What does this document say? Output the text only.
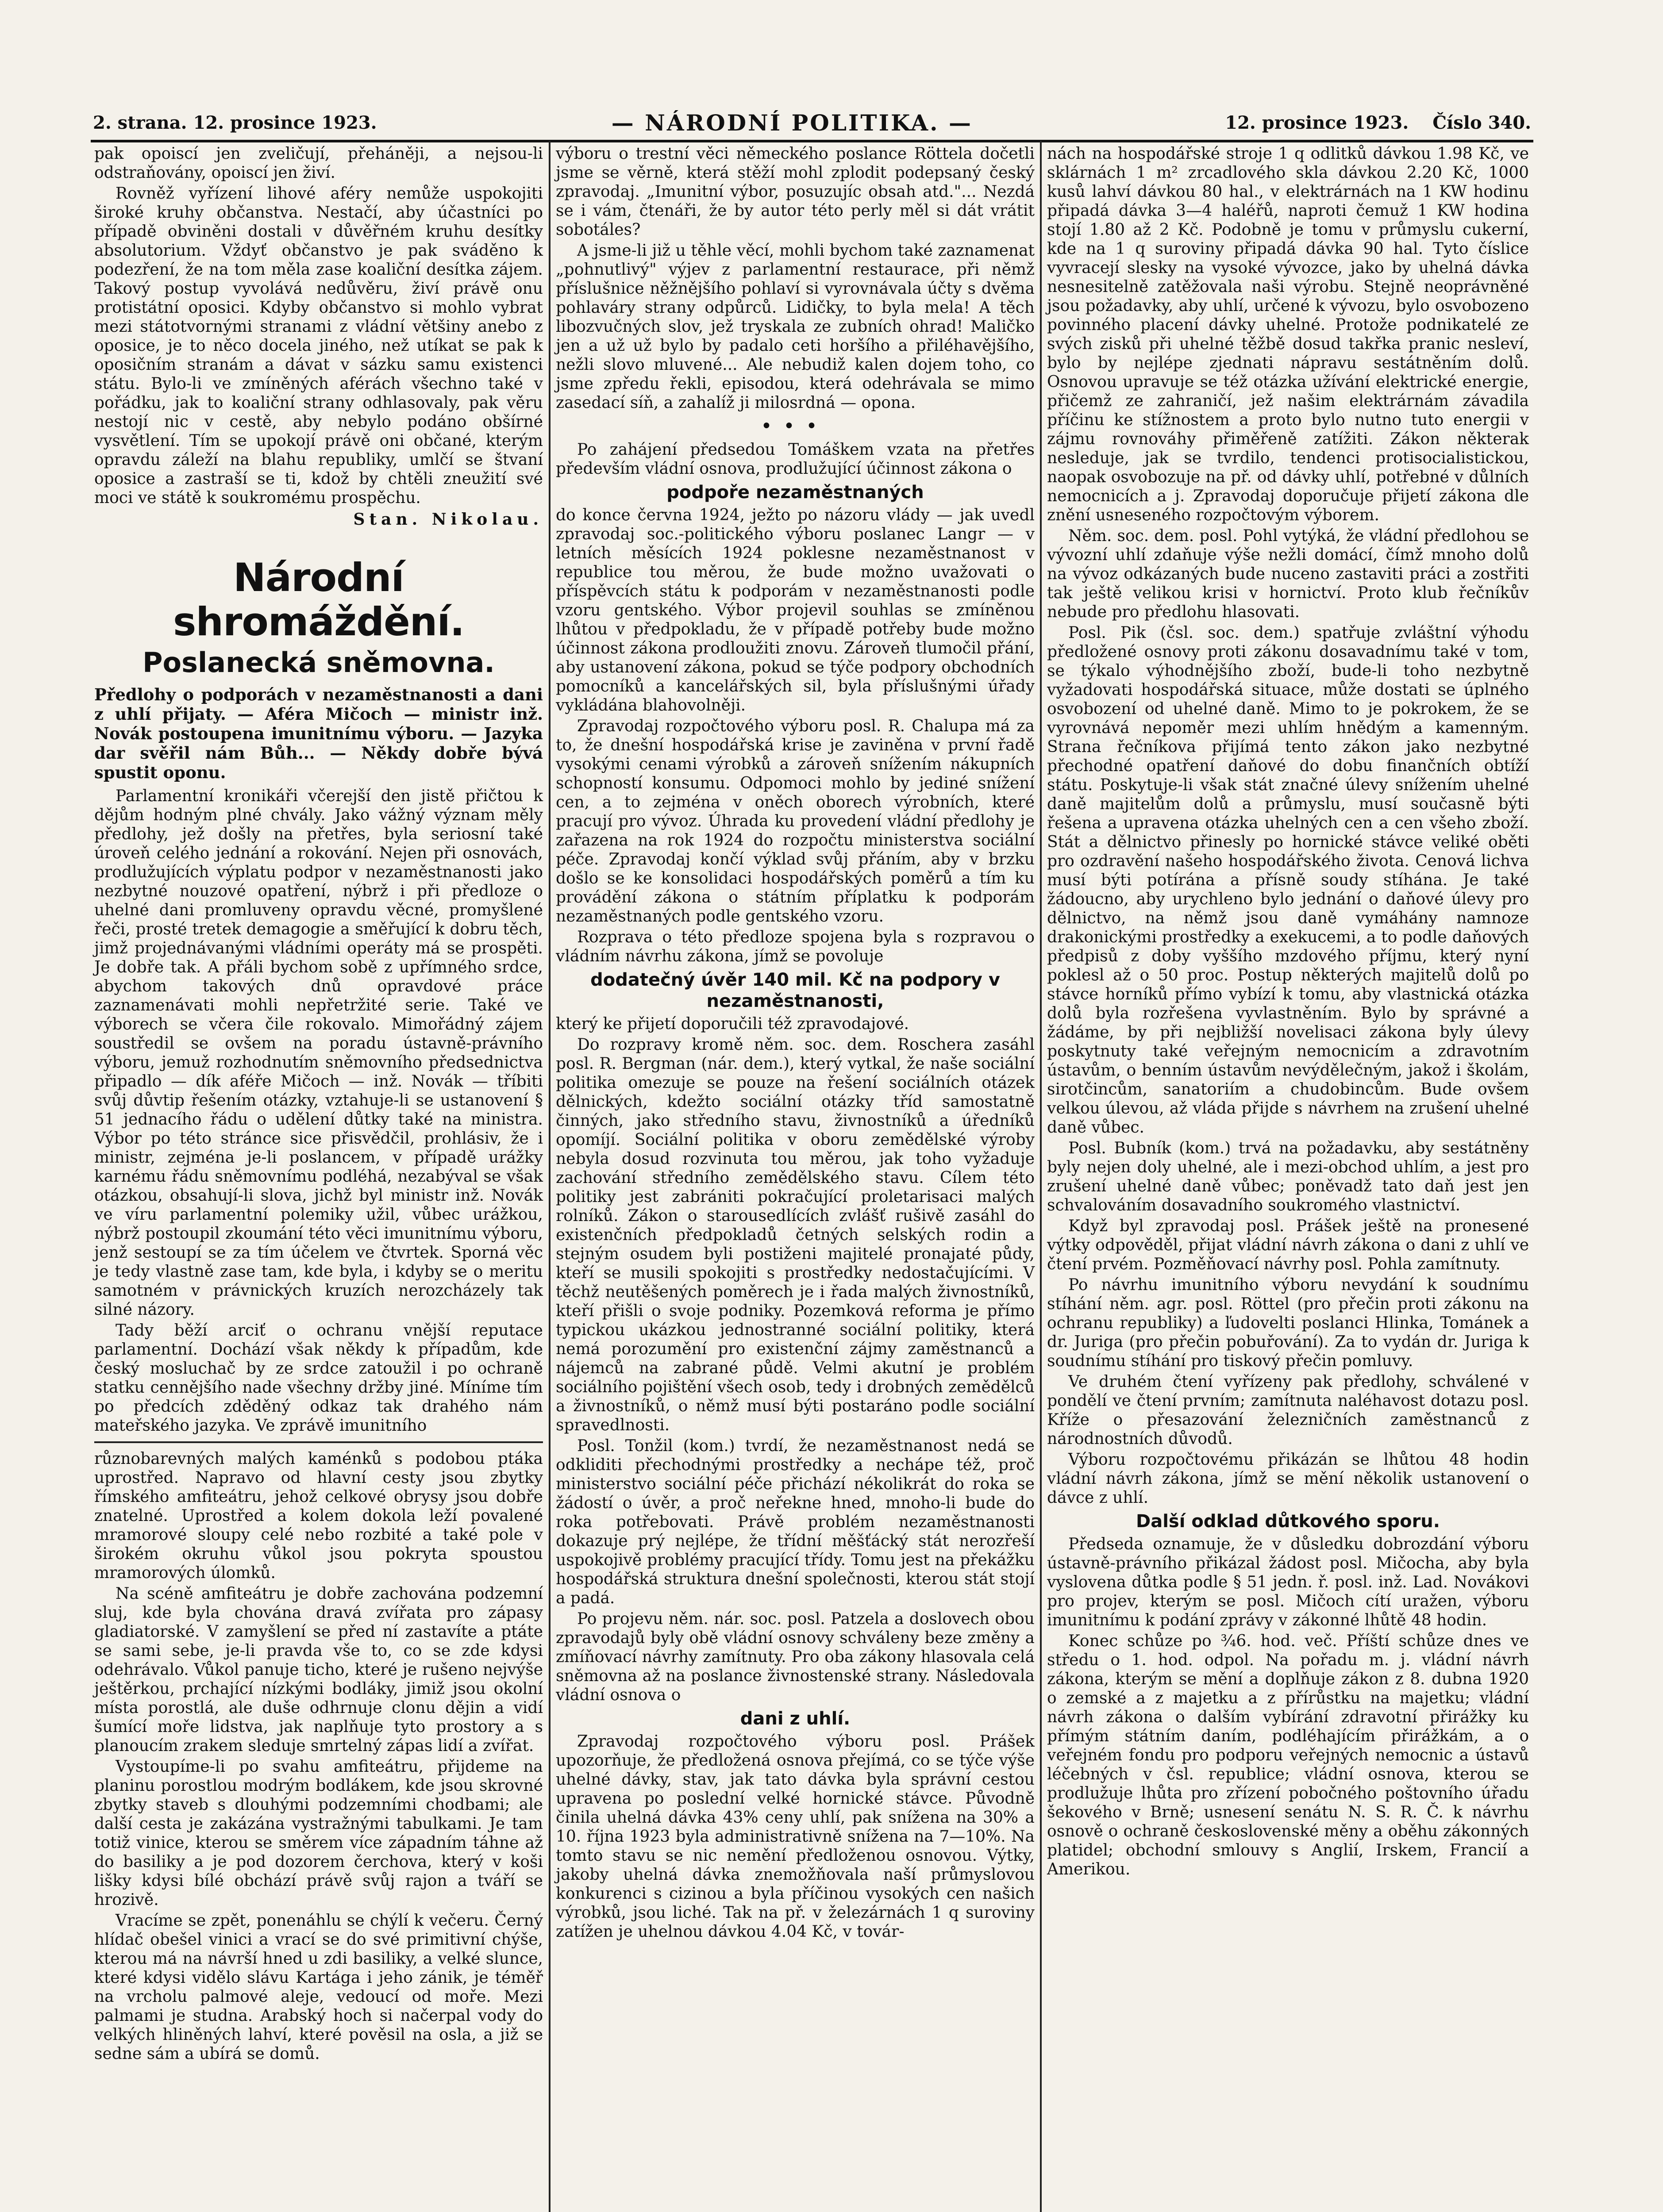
2. strana. 12. prosince 1923.	— NÁRODNÍ POLITIKA. —	12. prosince 1923. Číslo 340.

pak opoiscí jen zveličují, přeháněji, a nejsou-li odstraňovány, opoiscí jen živí.

Rovněž vyřízení lihové aféry nemůže uspokojiti široké kruhy občanstva. Nestačí, aby účastníci po případě obviněni dostali v důvěřném kruhu desítky absolutorium. Vždyť občanstvo je pak sváděno k podezření, že na tom měla zase koaliční desítka zájem. Takový postup vyvolává nedůvěru, živí právě onu protistátní oposici. Kdyby občanstvo si mohlo vybrat mezi státotvornými stranami z vládní většiny anebo z oposice, je to něco docela jiného, než utíkat se pak k oposičním stranám a dávat v sázku samu existenci státu. Bylo-li ve zmíněných aférách všechno také v pořádku, jak to koaliční strany odhlasovaly, pak věru nestojí nic v cestě, aby nebylo podáno obšírné vysvětlení. Tím se upokojí právě oni občané, kterým opravdu záleží na blahu republiky, umlčí se štvaní oposice a zastraší se ti, kdož by chtěli zneužití své moci ve státě k soukromému prospěchu.

Stan. Nikolau.
Národní shromáždění.
Poslanecká sněmovna.
Předlohy o podporách v nezaměstnanosti a dani z uhlí přijaty. — Aféra Mičoch — ministr inž. Novák postoupena imunitnímu výboru. — Jazyka dar svěřil nám Bůh... — Někdy dobře bývá spustit oponu.

Parlamentní kronikáři včerejší den jistě přičtou k dějům hodným plné chvály. Jako vážný význam měly předlohy, jež došly na přetřes, byla seriosní také úroveň celého jednání a rokování. Nejen při osnovách, prodlužujících výplatu podpor v nezaměstnanosti jako nezbytné nouzové opatření, nýbrž i při předloze o uhelné dani promluveny opravdu věcné, promyšlené řeči, prosté tretek demagogie a směřující k dobru těch, jimž projednávanými vládními operáty má se prospěti. Je dobře tak. A přáli bychom sobě z upřímného srdce, abychom takových dnů opravdové práce zaznamenávati mohli nepřetržité serie. Také ve výborech se včera čile rokovalo. Mimořádný zájem soustředil se ovšem na poradu ústavně-právního výboru, jemuž rozhodnutím sněmovního předsednictva připadlo — dík aféře Mičoch — inž. Novák — tříbiti svůj důvtip řešením otázky, vztahuje-li se ustanovení § 51 jednacího řádu o udělení důtky také na ministra. Výbor po této stránce sice přisvědčil, prohlásiv, že i ministr, zejména je-li poslancem, v případě urážky karnému řádu sněmovnímu podléhá, nezabýval se však otázkou, obsahují-li slova, jichž byl ministr inž. Novák ve víru parlamentní polemiky užil, vůbec urážkou, nýbrž postoupil zkoumání této věci imunitnímu výboru, jenž sestoupí se za tím účelem ve čtvrtek. Sporná věc je tedy vlastně zase tam, kde byla, i kdyby se o meritu samotném v právnických kruzích nerozcházely tak silné názory.

Tady běží arciť o ochranu vnější reputace parlamentní. Dochází však někdy k případům, kde český mosluchač by ze srdce zatoužil i po ochraně statku cennějšího nade všechny držby jiné. Míníme tím po předcích zděděný odkaz tak drahého nám mateřského jazyka. Ve zprávě imunitního

různobarevných malých kaménků s podobou ptáka uprostřed. Napravo od hlavní cesty jsou zbytky římského amfiteátru, jehož celkové obrysy jsou dobře znatelné. Uprostřed a kolem dokola leží povalené mramorové sloupy celé nebo rozbité a také pole v širokém okruhu vůkol jsou pokryta spoustou mramorových úlomků.

Na scéně amfiteátru je dobře zachována podzemní sluj, kde byla chována dravá zvířata pro zápasy gladiatorské. V zamyšlení se před ní zastavíte a ptáte se sami sebe, je-li pravda vše to, co se zde kdysi odehrávalo. Vůkol panuje ticho, které je rušeno nejvýše ještěrkou, prchající nízkými bodláky, jimiž jsou okolní místa porostlá, ale duše odhrnuje clonu dějin a vidí šumící moře lidstva, jak naplňuje tyto prostory a s planoucím zrakem sleduje smrtelný zápas lidí a zvířat.

Vystoupíme-li po svahu amfiteátru, přijdeme na planinu porostlou modrým bodlákem, kde jsou skrovné zbytky staveb s dlouhými podzemními chodbami; ale další cesta je zakázána vystražnými tabulkami. Je tam totiž vinice, kterou se směrem více západním táhne až do basiliky a je pod dozorem čerchova, který v koši lišky kdysi bílé obchází právě svůj rajon a tváří se hrozivě.

Vracíme se zpět, ponenáhlu se chýlí k večeru. Černý hlídač obešel vinici a vrací se do své primitivní chýše, kterou má na návrší hned u zdi basiliky, a velké slunce, které kdysi vidělo slávu Kartága i jeho zánik, je téměř na vrcholu palmové aleje, vedoucí od moře. Mezi palmami je studna. Arabský hoch si načerpal vody do velkých hliněných lahví, které pověsil na osla, a již se sedne sám a ubírá se domů.

výboru o trestní věci německého poslance Röttela dočetli jsme se věrně, která stěží mohl zplodit podepsaný český zpravodaj. „Imunitní výbor, posuzujíc obsah atd."... Nezdá se i vám, čtenáři, že by autor této perly měl si dát vrátit sobotáles?

A jsme-li již u těhle věcí, mohli bychom také zaznamenat „pohnutlivý" výjev z parlamentní restaurace, při němž příslušnice něžnějšího pohlaví si vyrovnávala účty s dvěma pohlaváry strany odpůrců. Lidičky, to byla mela! A těch libozvučných slov, jež tryskala ze zubních ohrad! Maličko jen a už už bylo by padalo ceti horšího a přiléhavějšího, nežli slovo mluvené... Ale nebudiž kalen dojem toho, co jsme zpředu řekli, episodou, která odehrávala se mimo zasedací síň, a zahalíž ji milosrdná — opona.

•••

Po zahájení předsedou Tomáškem vzata na přetřes především vládní osnova, prodlužující účinnost zákona o

podpoře nezaměstnaných

do konce června 1924, ježto po názoru vlády — jak uvedl zpravodaj soc.-politického výboru poslanec Langr — v letních měsících 1924 poklesne nezaměstnanost v republice tou měrou, že bude možno uvažovati o příspěvcích státu k podporám v nezaměstnanosti podle vzoru gentského. Výbor projevil souhlas se zmíněnou lhůtou v předpokladu, že v případě potřeby bude možno účinnost zákona prodloužiti znovu. Zároveň tlumočil přání, aby ustanovení zákona, pokud se týče podpory obchodních pomocníků a kancelářských sil, byla příslušnými úřady vykládána blahovolněji.

Zpravodaj rozpočtového výboru posl. R. Chalupa má za to, že dnešní hospodářská krise je zaviněna v první řadě vysokými cenami výrobků a zároveň snížením nákupních schopností konsumu. Odpomoci mohlo by jediné snížení cen, a to zejména v oněch oborech výrobních, které pracují pro vývoz. Úhrada ku provedení vládní předlohy je zařazena na rok 1924 do rozpočtu ministerstva sociální péče. Zpravodaj končí výklad svůj přáním, aby v brzku došlo se ke konsolidaci hospodářských poměrů a tím ku provádění zákona o státním příplatku k podporám nezaměstnaných podle gentského vzoru.

Rozprava o této předloze spojena byla s rozpravou o vládním návrhu zákona, jímž se povoluje

dodatečný úvěr 140 mil. Kč na podpory v nezaměstnanosti,

který ke přijetí doporučili též zpravodajové.

Do rozpravy kromě něm. soc. dem. Roschera zasáhl posl. R. Bergman (nár. dem.), který vytkal, že naše sociální politika omezuje se pouze na řešení sociálních otázek dělnických, kdežto sociální otázky tříd samostatně činných, jako středního stavu, živnostníků a úředníků opomíjí. Sociální politika v oboru zemědělské výroby nebyla dosud rozvinuta tou měrou, jak toho vyžaduje zachování středního zemědělského stavu. Cílem této politiky jest zabrániti pokračující proletarisaci malých rolníků. Zákon o starousedlících zvlášť rušivě zasáhl do existenčních předpokladů četných selských rodin a stejným osudem byli postiženi majitelé pronajaté půdy, kteří se musili spokojiti s prostředky nedostačujícími. V těchž neutěšených poměrech je i řada malých živnostníků, kteří přišli o svoje podniky. Pozemková reforma je přímo typickou ukázkou jednostranné sociální politiky, která nemá porozumění pro existenční zájmy zaměstnanců a nájemců na zabrané půdě. Velmi akutní je problém sociálního pojištění všech osob, tedy i drobných zemědělců a živnostníků, o němž musí býti postaráno podle sociální spravedlnosti.

Posl. Tonžil (kom.) tvrdí, že nezaměstnanost nedá se odkliditi přechodnými prostředky a nechápe též, proč ministerstvo sociální péče přichází nékolikrát do roka se žádostí o úvěr, a proč neřekne hned, mnoho-li bude do roka potřebovati. Právě problém nezaměstnanosti dokazuje prý nejlépe, že třídní měšťácký stát nerozřeší uspokojivě problémy pracující třídy. Tomu jest na překážku hospodářská struktura dnešní společnosti, kterou stát stojí a padá.

Po projevu něm. nár. soc. posl. Patzela a doslovech obou zpravodajů byly obě vládní osnovy schváleny beze změny a zmíňovací návrhy zamítnuty. Pro oba zákony hlasovala celá sněmovna až na poslance živnostenské strany. Následovala vládní osnova o

dani z uhlí.

Zpravodaj rozpočtového výboru posl. Prášek upozorňuje, že předložená osnova přejímá, co se týče výše uhelné dávky, stav, jak tato dávka byla správní cestou upravena po poslední velké hornické stávce. Původně činila uhelná dávka 43% ceny uhlí, pak snížena na 30% a 10. října 1923 byla administrativně snížena na 7—10%. Na tomto stavu se nic nemění předloženou osnovou. Výtky, jakoby uhelná dávka znemožňovala naší průmyslovou konkurenci s cizinou a byla příčinou vysokých cen našich výrobků, jsou liché. Tak na př. v železárnách 1 q suroviny zatížen je uhelnou dávkou 4.04 Kč, v továr-

nách na hospodářské stroje 1 q odlitků dávkou 1.98 Kč, ve sklárnách 1 m² zrcadlového skla dávkou 2.20 Kč, 1000 kusů lahví dávkou 80 hal., v elektrárnách na 1 KW hodinu připadá dávka 3—4 haléřů, naproti čemuž 1 KW hodina stojí 1.80 až 2 Kč. Podobně je tomu v průmyslu cukerní, kde na 1 q suroviny připadá dávka 90 hal. Tyto číslice vyvracejí slesky na vysoké vývozce, jako by uhelná dávka nesnesitelně zatěžovala naši výrobu. Stejně neoprávněné jsou požadavky, aby uhlí, určené k vývozu, bylo osvobozeno povinného placení dávky uhelné. Protože podnikatelé ze svých zisků při uhelné těžbě dosud takřka pranic nesleví, bylo by nejlépe zjednati nápravu sestátněním dolů. Osnovou upravuje se též otázka užívání elektrické energie, přičemž ze zahraničí, jež našim elektrárnám závadila příčinu ke stížnostem a proto bylo nutno tuto energii v zájmu rovnováhy přiměřeně zatížiti. Zákon některak nesleduje, jak se tvrdilo, tendenci protisocialistickou, naopak osvobozuje na př. od dávky uhlí, potřebné v důlních nemocnicích a j. Zpravodaj doporučuje přijetí zákona dle znění usneseného rozpočtovým výborem.

Něm. soc. dem. posl. Pohl vytýká, že vládní předlohou se vývozní uhlí zdaňuje výše nežli domácí, čímž mnoho dolů na vývoz odkázaných bude nuceno zastaviti práci a zostřiti tak ještě velikou krisi v hornictví. Proto klub řečníkův nebude pro předlohu hlasovati.

Posl. Pik (čsl. soc. dem.) spatřuje zvláštní výhodu předložené osnovy proti zákonu dosavadnímu také v tom, se týkalo výhodnějšího zboží, bude-li toho nezbytně vyžadovati hospodářská situace, může dostati se úplného osvobození od uhelné daně. Mimo to je pokrokem, že se vyrovnává nepoměr mezi uhlím hnědým a kamenným. Strana řečníkova přijímá tento zákon jako nezbytné přechodné opatření daňové do dobu finančních obtíží státu. Poskytuje-li však stát značné úlevy snížením uhelné daně majitelům dolů a průmyslu, musí současně býti řešena a upravena otázka uhelných cen a cen všeho zboží. Stát a dělnictvo přinesly po hornické stávce veliké oběti pro ozdravění našeho hospodářského života. Cenová lichva musí býti potírána a přísně soudy stíhána. Je také žádoucno, aby urychleno bylo jednání o daňové úlevy pro dělnictvo, na němž jsou daně vymáhány namnoze drakonickými prostředky a exekucemi, a to podle daňových předpisů z doby vyššího mzdového příjmu, který nyní poklesl až o 50 proc. Postup některých majitelů dolů po stávce horníků přímo vybízí k tomu, aby vlastnická otázka dolů byla rozřešena vyvlastněním. Bylo by správné a žádáme, by při nejbližší novelisaci zákona byly úlevy poskytnuty také veřejným nemocnicím a zdravotním ústavům, o benním ústavům nevýdělečným, jakož i školám, sirotčincům, sanatoriím a chudobincům. Bude ovšem velkou úlevou, až vláda přijde s návrhem na zrušení uhelné daně vůbec.

Posl. Bubník (kom.) trvá na požadavku, aby sestátněny byly nejen doly uhelné, ale i mezi-obchod uhlím, a jest pro zrušení uhelné daně vůbec; poněvadž tato daň jest jen schvalováním dosavadního soukromého vlastnictví.

Když byl zpravodaj posl. Prášek ještě na pronesené výtky odpověděl, přijat vládní návrh zákona o dani z uhlí ve čtení prvém. Pozměňovací návrhy posl. Pohla zamítnuty.

Po návrhu imunitního výboru nevydání k soudnímu stíhání něm. agr. posl. Röttel (pro přečin proti zákonu na ochranu republiky) a ľudovelti poslanci Hlinka, Tománek a dr. Juriga (pro přečin pobuřování). Za to vydán dr. Juriga k soudnímu stíhání pro tiskový přečin pomluvy.

Ve druhém čtení vyřízeny pak předlohy, schválené v pondělí ve čtení prvním; zamítnuta naléhavost dotazu posl. Kříže o přesazování železničních zaměstnanců z národnostních důvodů.

Výboru rozpočtovému přikázán se lhůtou 48 hodin vládní návrh zákona, jímž se mění několik ustanovení o dávce z uhlí.

Další odklad důtkového sporu.

Předseda oznamuje, že v důsledku dobrozdání výboru ústavně-právního přikázal žádost posl. Mičocha, aby byla vyslovena důtka podle § 51 jedn. ř. posl. inž. Lad. Novákovi pro projev, kterým se posl. Mičoch cítí uražen, výboru imunitnímu k podání zprávy v zákonné lhůtě 48 hodin.

Konec schůze po ¾6. hod. več. Příští schůze dnes ve středu o 1. hod. odpol. Na pořadu m. j. vládní návrh zákona, kterým se mění a doplňuje zákon z 8. dubna 1920 o zemské a z majetku a z přírůstku na majetku; vládní návrh zákona o dalším vybírání zdravotní přirážky ku přímým státním daním, podléhajícím přirážkám, a o veřejném fondu pro podporu veřejných nemocnic a ústavů léčebných v čsl. republice; vládní osnova, kterou se prodlužuje lhůta pro zřízení pobočného poštovního úřadu šekového v Brně; usnesení senátu N. S. R. Č. k návrhu osnově o ochraně československé měny a oběhu zákonných platidel; obchodní smlouvy s Anglií, Irskem, Francií a Amerikou.
